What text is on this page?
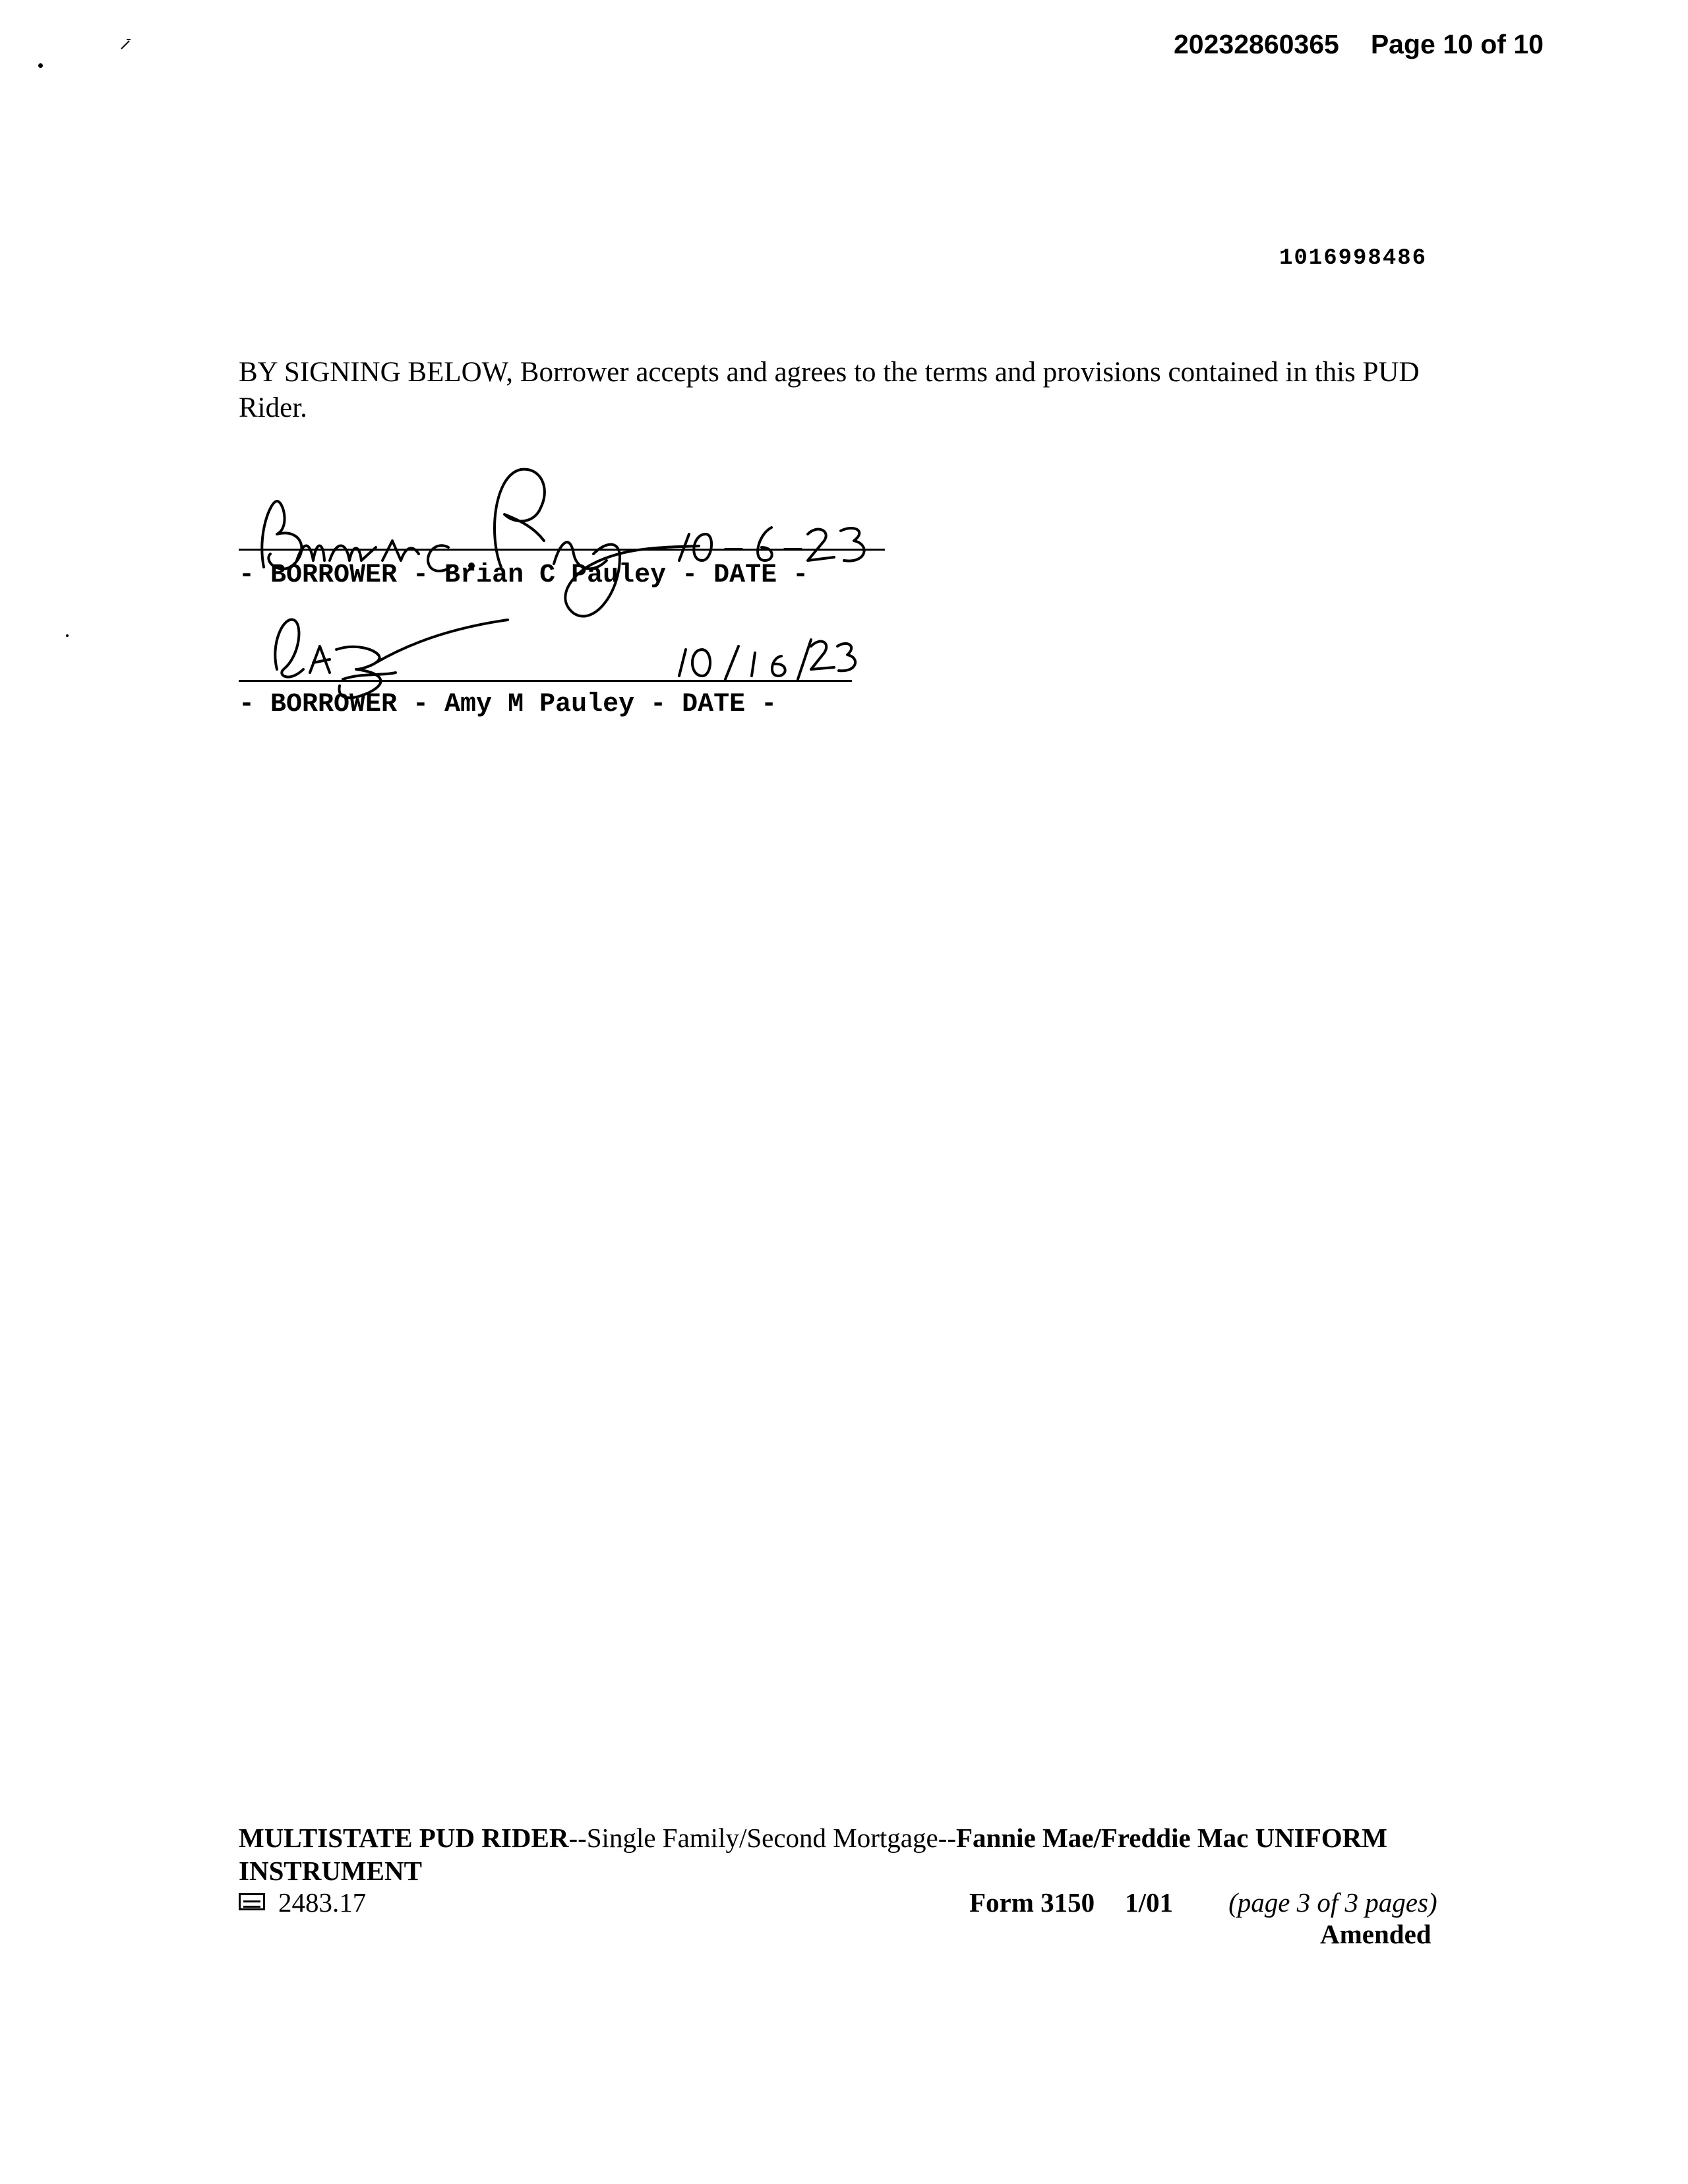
20232860365 Page 10 of 10
1016998486
BY SIGNING BELOW, Borrower accepts and agrees to the terms and provisions contained in this PUD Rider.
- BORROWER - Brian C Pauley - DATE -
- BORROWER - Amy M Pauley - DATE -
MULTISTATE PUD RIDER--Single Family/Second Mortgage--Fannie Mae/Freddie Mac UNIFORM
INSTRUMENT
2483.17	Form 3150 1/01 (page 3 of 3 pages)
Amended
